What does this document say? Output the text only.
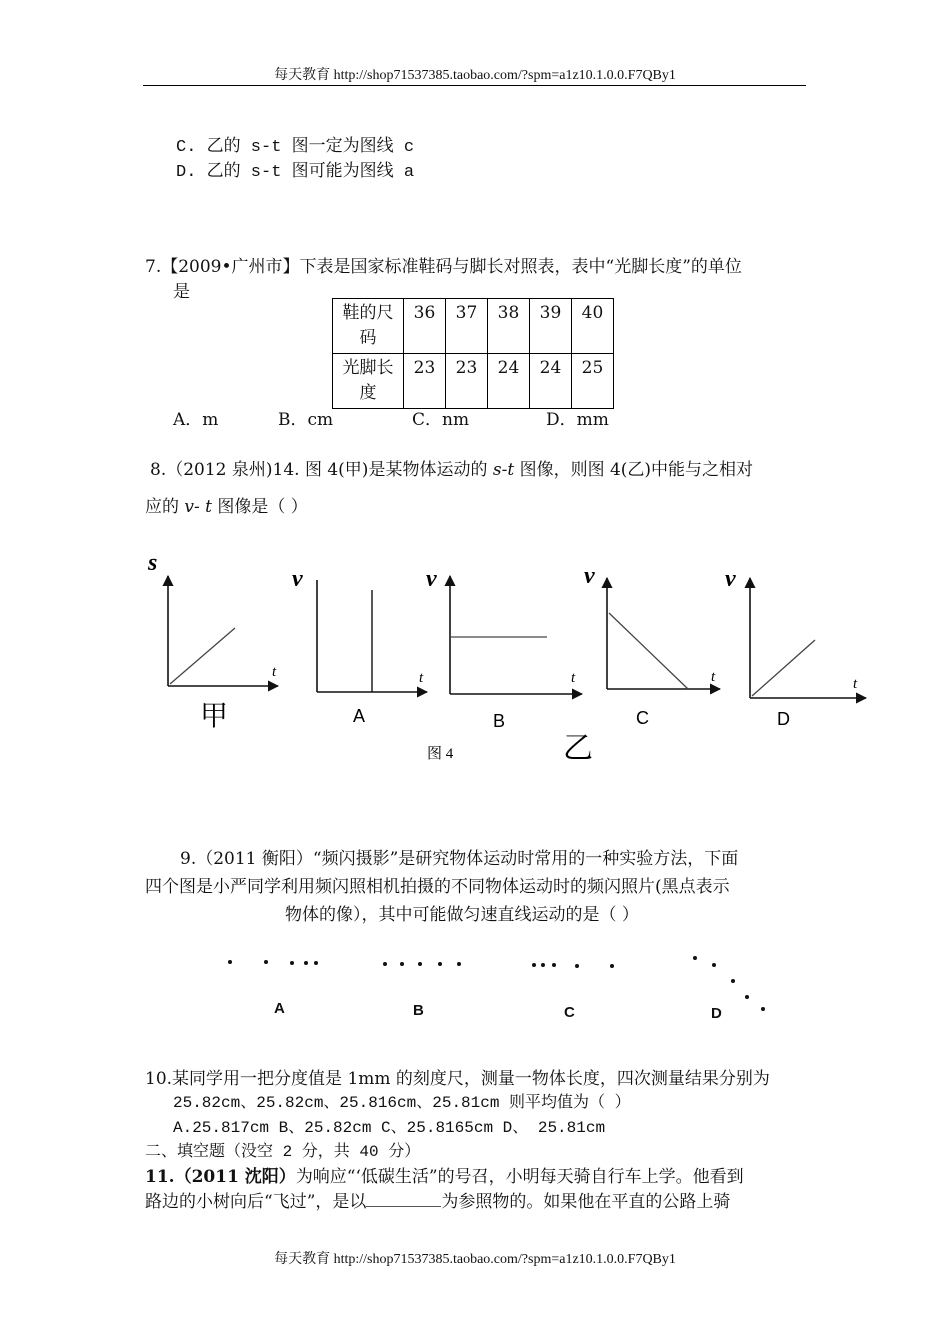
每天教育 http://shop71537385.taobao.com/?spm=a1z10.1.0.0.F7QBy1
C. 乙的 s-t 图一定为图线 c
D. 乙的 s-t 图可能为图线 a
7.【2009•广州市】下表是国家标准鞋码与脚长对照表，表中“光脚长度”的单位
是
鞋的尺码	36	37	38	39	40
光脚长度	23	23	24	24	25
A．m	B．cm	C．nm	D．mm
8.（2012 泉州)14. 图 4(甲)是某物体运动的 s-t 图像，则图 4(乙)中能与之相对
应的 v- t 图像是（ ）
s
t
甲
v
t
A
v
t
B
v
t
C
v
t
D
图 4	乙
9.（2011 衡阳）“频闪摄影”是研究物体运动时常用的一种实验方法，下面
四个图是小严同学利用频闪照相机拍摄的不同物体运动时的频闪照片(黑点表示
物体的像），其中可能做匀速直线运动的是（ ）
A	B	C	D
10.某同学用一把分度值是 1mm 的刻度尺，测量一物体长度，四次测量结果分别为
25.82cm、25.82cm、25.816cm、25.81cm 则平均值为（ ）
A.25.817cm B、25.82cm C、25.8165cm D、 25.81cm
二、填空题（没空 2 分，共 40 分）
11.（2011 沈阳）为响应“‘低碳生活”的号召，小明每天骑自行车上学。他看到
路边的小树向后“飞过”，是以	为参照物的。如果他在平直的公路上骑
每天教育 http://shop71537385.taobao.com/?spm=a1z10.1.0.0.F7QBy1
